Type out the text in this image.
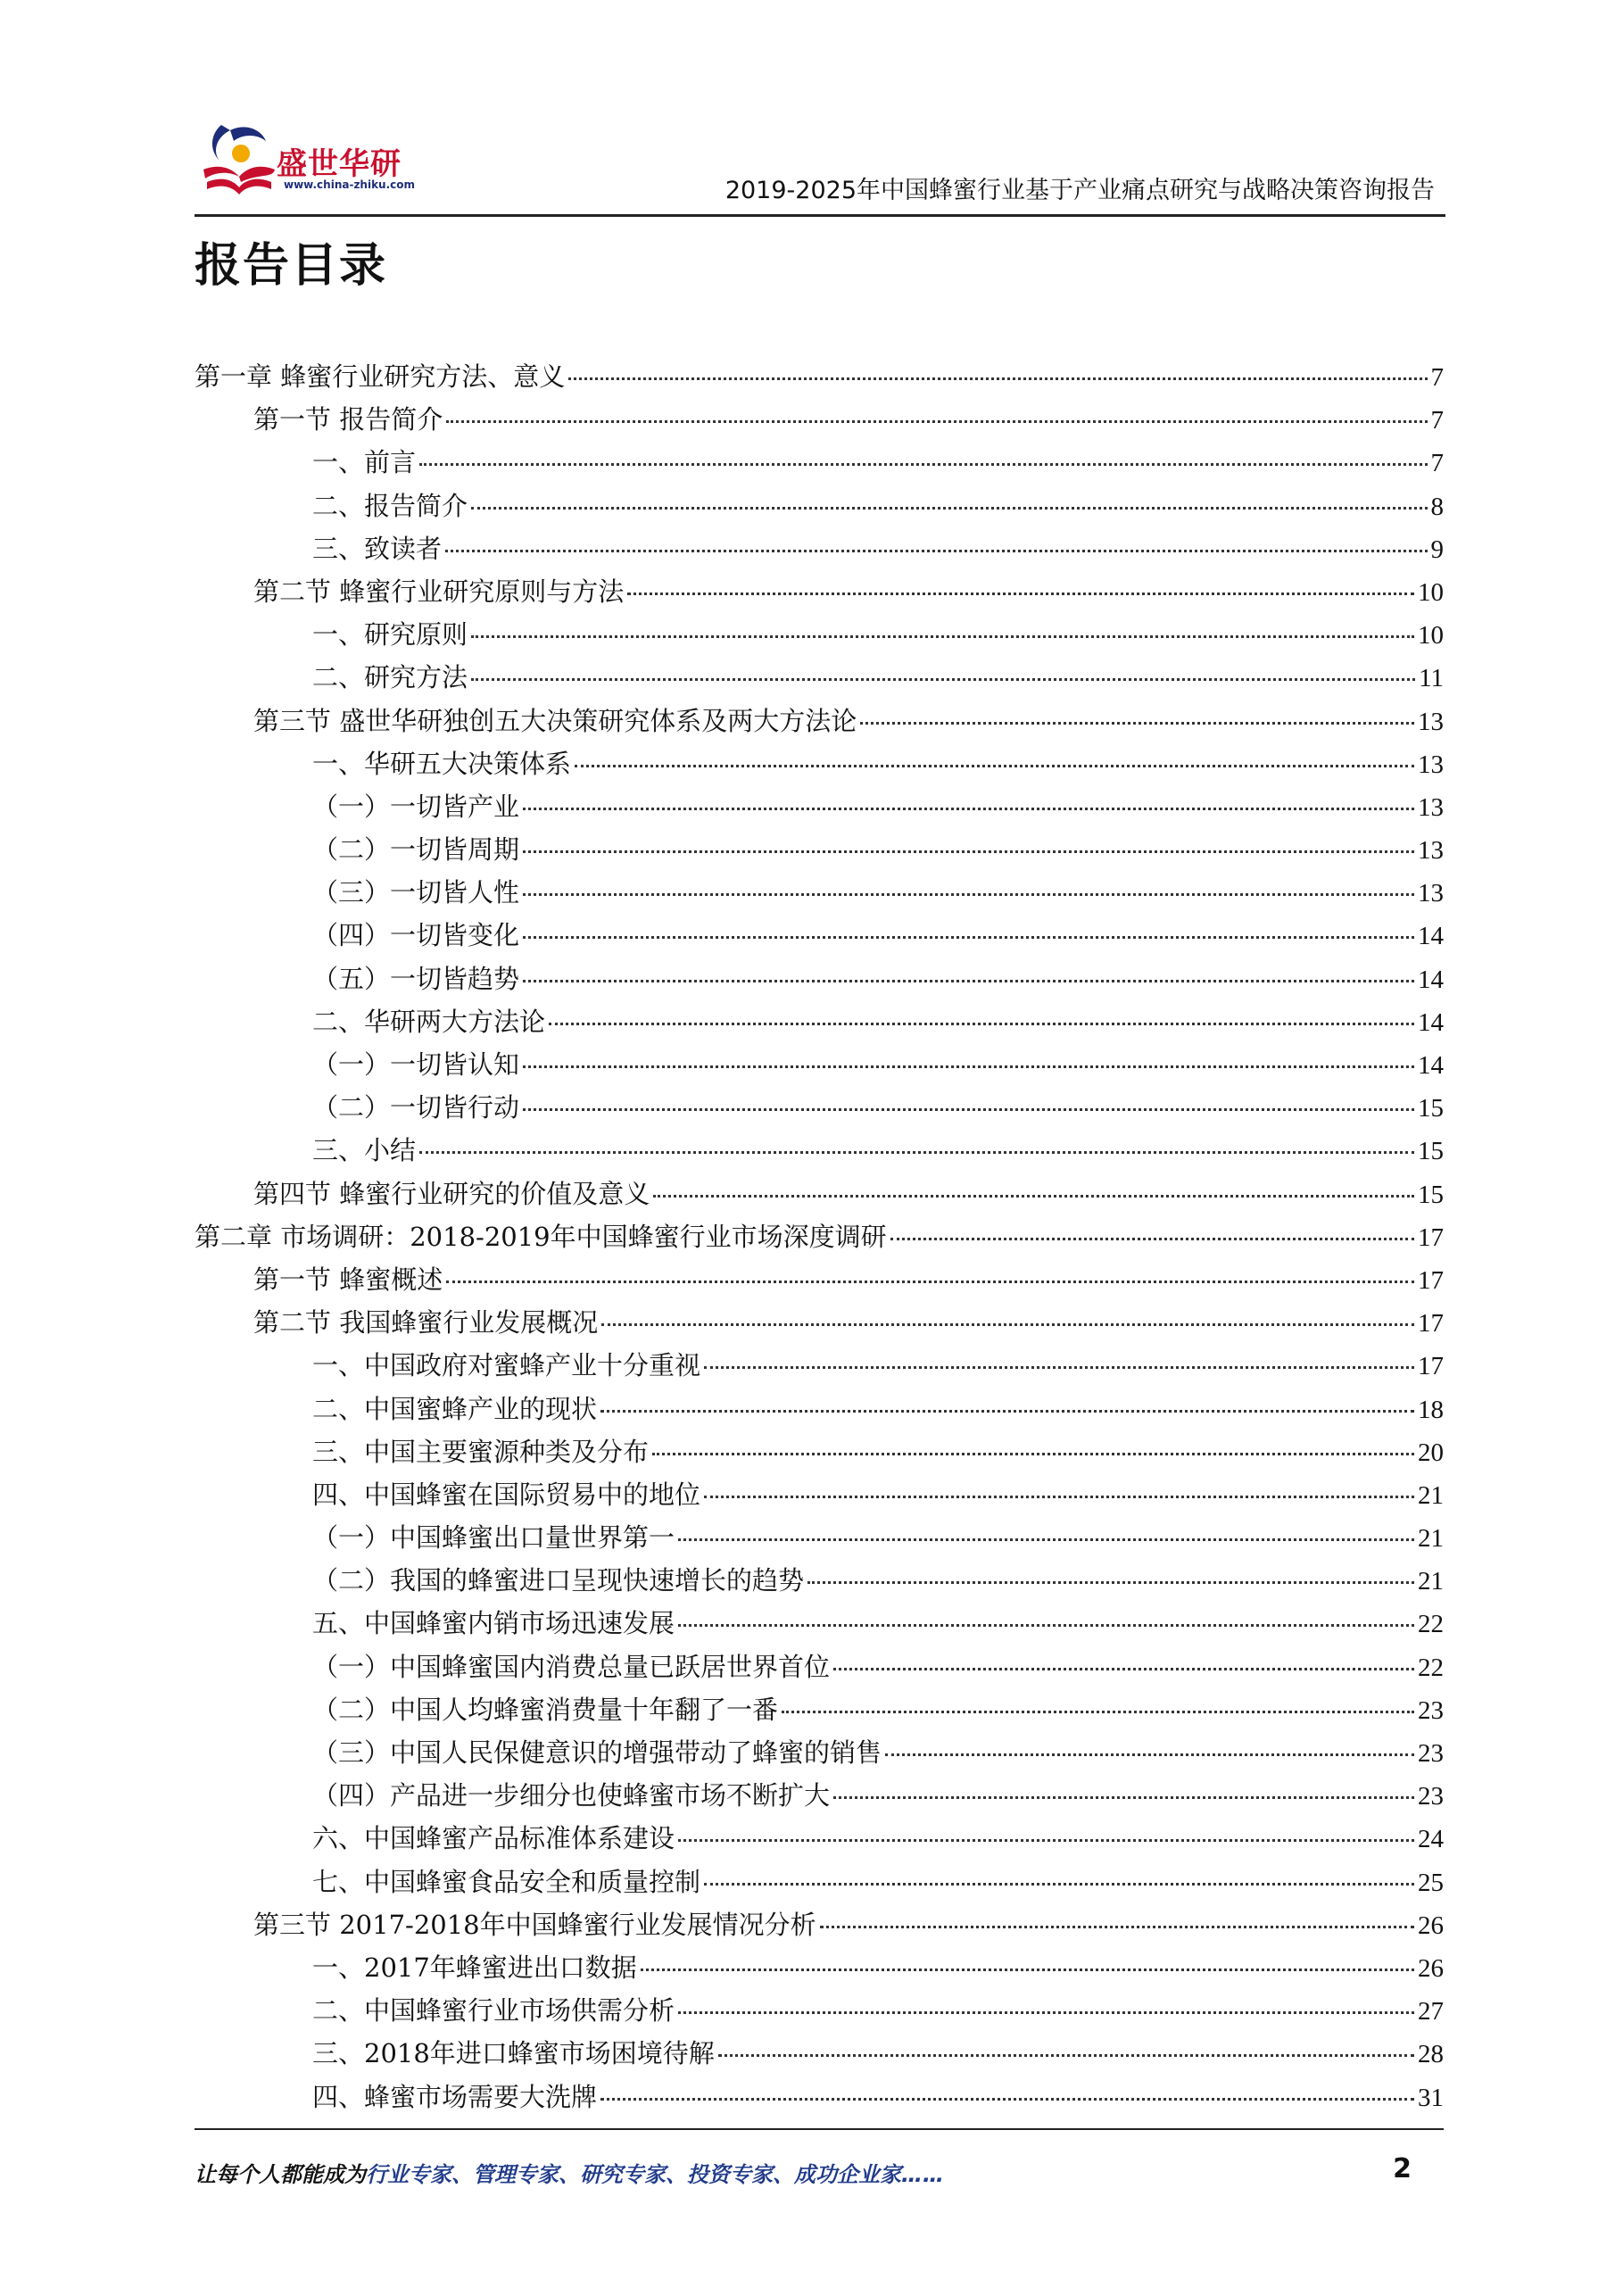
盛世华研
www.china-zhiku.com	2019-2025年中国蜂蜜行业基于产业痛点研究与战略决策咨询报告
报告目录
第一章 蜂蜜行业研究方法、意义	7
第一节 报告简介	7
一、前言	7
二、报告简介	8
三、致读者	9
第二节 蜂蜜行业研究原则与方法	10
一、研究原则	10
二、研究方法	11
第三节 盛世华研独创五大决策研究体系及两大方法论	13
一、华研五大决策体系	13
（一）一切皆产业	13
（二）一切皆周期	13
（三）一切皆人性	13
（四）一切皆变化	14
（五）一切皆趋势	14
二、华研两大方法论	14
（一）一切皆认知	14
（二）一切皆行动	15
三、小结	15
第四节 蜂蜜行业研究的价值及意义	15
第二章 市场调研：2018-2019年中国蜂蜜行业市场深度调研	17
第一节 蜂蜜概述	17
第二节 我国蜂蜜行业发展概况	17
一、中国政府对蜜蜂产业十分重视	17
二、中国蜜蜂产业的现状	18
三、中国主要蜜源种类及分布	20
四、中国蜂蜜在国际贸易中的地位	21
（一）中国蜂蜜出口量世界第一	21
（二）我国的蜂蜜进口呈现快速增长的趋势	21
五、中国蜂蜜内销市场迅速发展	22
（一）中国蜂蜜国内消费总量已跃居世界首位	22
（二）中国人均蜂蜜消费量十年翻了一番	23
（三）中国人民保健意识的增强带动了蜂蜜的销售	23
（四）产品进一步细分也使蜂蜜市场不断扩大	23
六、中国蜂蜜产品标准体系建设	24
七、中国蜂蜜食品安全和质量控制	25
第三节 2017-2018年中国蜂蜜行业发展情况分析	26
一、2017年蜂蜜进出口数据	26
二、中国蜂蜜行业市场供需分析	27
三、2018年进口蜂蜜市场困境待解	28
四、蜂蜜市场需要大洗牌	31
让每个人都能成为行业专家、管理专家、研究专家、投资专家、成功企业家……	2
